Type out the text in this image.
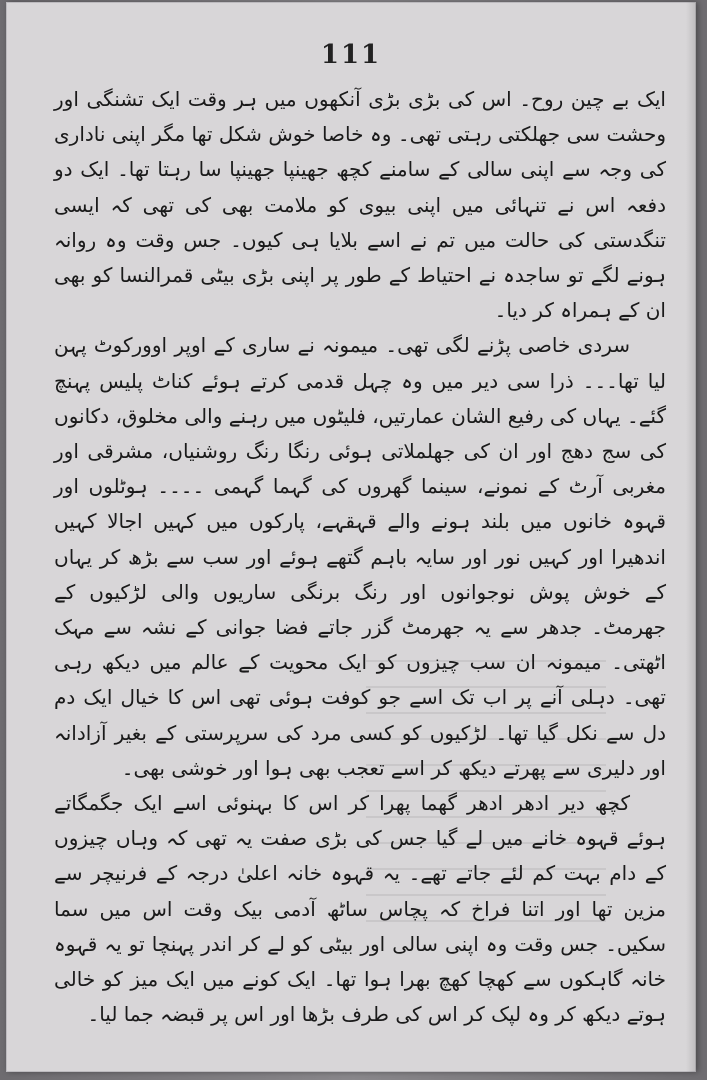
111

ایک بے چین روح۔ اس کی بڑی بڑی آنکھوں میں ہر وقت ایک تشنگی اور وحشت سی جھلکتی رہتی تھی۔ وہ خاصا خوش شکل تھا مگر اپنی ناداری کی وجہ سے اپنی سالی کے سامنے کچھ جھینپا جھینپا سا رہتا تھا۔ ایک دو دفعہ اس نے تنہائی میں اپنی بیوی کو ملامت بھی کی تھی کہ ایسی تنگدستی کی حالت میں تم نے اسے بلایا ہی کیوں۔ جس وقت وہ روانہ ہونے لگے تو ساجدہ نے احتیاط کے طور پر اپنی بڑی بیٹی قمرالنسا کو بھی ان کے ہمراہ کر دیا۔

سردی خاصی پڑنے لگی تھی۔ میمونہ نے ساری کے اوپر اوورکوٹ پہن لیا تھا۔۔۔ ذرا سی دیر میں وہ چہل قدمی کرتے ہوئے کناٹ پلیس پہنچ گئے۔ یہاں کی رفیع الشان عمارتیں، فلیٹوں میں رہنے والی مخلوق، دکانوں کی سج دھج اور ان کی جھلملاتی ہوئی رنگا رنگ روشنیاں، مشرقی اور مغربی آرٹ کے نمونے، سینما گھروں کی گہما گہمی ۔۔۔۔ ہوٹلوں اور قہوہ خانوں میں بلند ہونے والے قہقہے، پارکوں میں کہیں اجالا کہیں اندھیرا اور کہیں نور اور سایہ باہم گتھے ہوئے اور سب سے بڑھ کر یہاں کے خوش پوش نوجوانوں اور رنگ برنگی ساریوں والی لڑکیوں کے جھرمٹ۔ جدھر سے یہ جھرمٹ گزر جاتے فضا جوانی کے نشہ سے مہک اٹھتی۔ میمونہ ان سب چیزوں کو ایک محویت کے عالم میں دیکھ رہی تھی۔ دہلی آنے پر اب تک اسے جو کوفت ہوئی تھی اس کا خیال ایک دم دل سے نکل گیا تھا۔ لڑکیوں کو کسی مرد کی سرپرستی کے بغیر آزادانہ اور دلیری سے پھرتے دیکھ کر اسے تعجب بھی ہوا اور خوشی بھی۔

کچھ دیر ادھر ادھر گھما پھرا کر اس کا بہنوئی اسے ایک جگمگاتے ہوئے قہوہ خانے میں لے گیا جس کی بڑی صفت یہ تھی کہ وہاں چیزوں کے دام بہت کم لئے جاتے تھے۔ یہ قہوہ خانہ اعلیٰ درجہ کے فرنیچر سے مزین تھا اور اتنا فراخ کہ پچاس ساٹھ آدمی بیک وقت اس میں سما سکیں۔ جس وقت وہ اپنی سالی اور بیٹی کو لے کر اندر پہنچا تو یہ قہوہ خانہ گاہکوں سے کھچا کھچ بھرا ہوا تھا۔ ایک کونے میں ایک میز کو خالی ہوتے دیکھ کر وہ لپک کر اس کی طرف بڑھا اور اس پر قبضہ جما لیا۔
